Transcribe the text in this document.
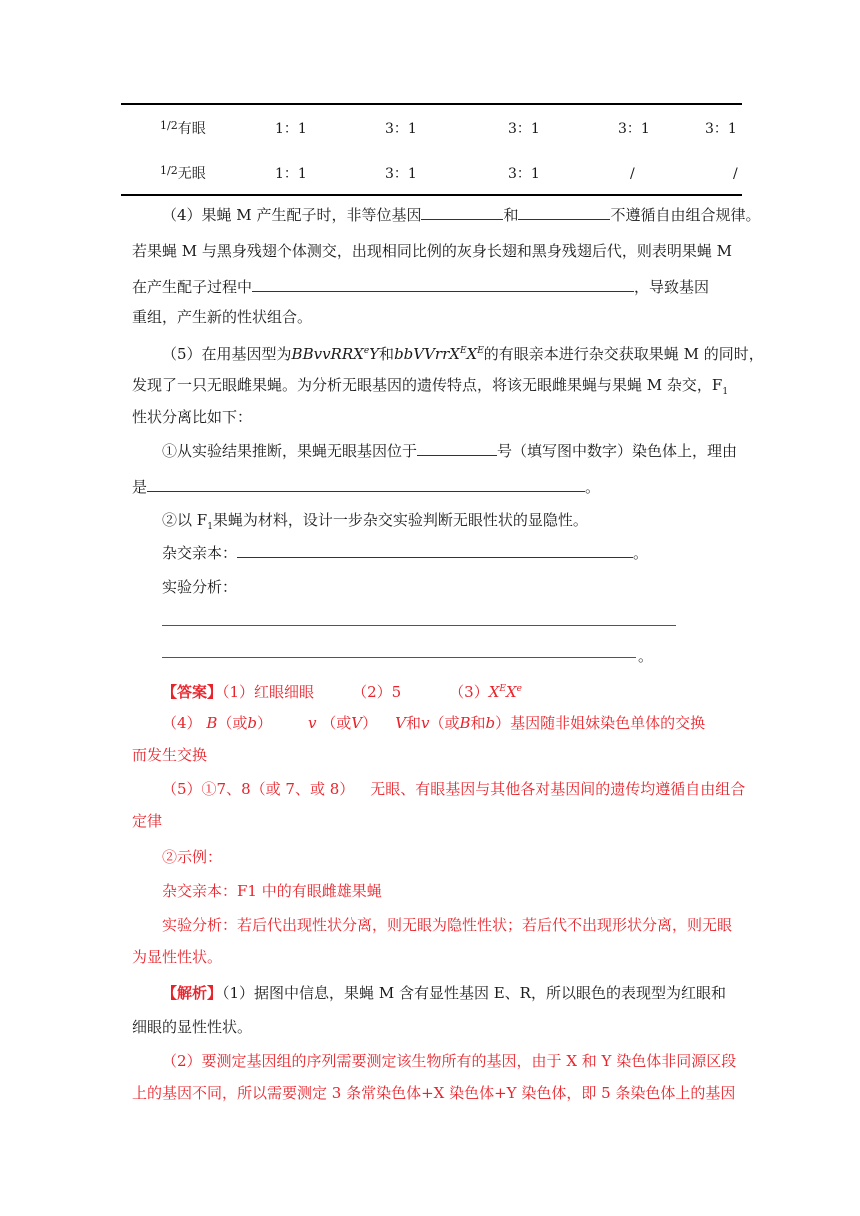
$^{1/2}$有眼	1：1	3：1	3：1	3：1	3：1
$^{1/2}$无眼	1：1	3：1	3：1	/	/
（4）果蝇 M 产生配子时，非等位基因	和	不遵循自由组合规律。
若果蝇 M 与黑身残翅个体测交，出现相同比例的灰身长翅和黑身残翅后代，则表明果蝇 M
在产生配子过程中	，导致基因
重组，产生新的性状组合。
（5）在用基因型为BBvvRRX$^e$Y和$bbVVrrX^EX^E$的有眼亲本进行杂交获取果蝇 M 的同时，
发现了一只无眼雌果蝇。为分析无眼基因的遗传特点，将该无眼雌果蝇与果蝇 M 杂交，$F_1$
性状分离比如下：
①从实验结果推断，果蝇无眼基因位于	号（填写图中数字）染色体上，理由
是	。
②以 $F_1$果蝇为材料，设计一步杂交实验判断无眼性状的显隐性。
杂交亲本：	。
实验分析：
。
【答案】（1）红眼细眼	（2）5	$(3)X^EXe$
（4） B（或b） v （或V） V和v（或B和b）基因随非姐妹染色单体的交换
而发生交换
（5）①7、8（或 7、或 8） 无眼、有眼基因与其他各对基因间的遗传均遵循自由组合
定律
②示例：
杂交亲本：F1 中的有眼雌雄果蝇
实验分析：若后代出现性状分离，则无眼为隐性性状；若后代不出现形状分离，则无眼
为显性性状。
【解析】（1）据图中信息，果蝇 M 含有显性基因 E、R，所以眼色的表现型为红眼和
细眼的显性性状。
（2）要测定基因组的序列需要测定该生物所有的基因，由于 X 和 Y 染色体非同源区段
上的基因不同，所以需要测定 3 条常染色体+X 染色体+Y 染色体，即 5 条染色体上的基因
